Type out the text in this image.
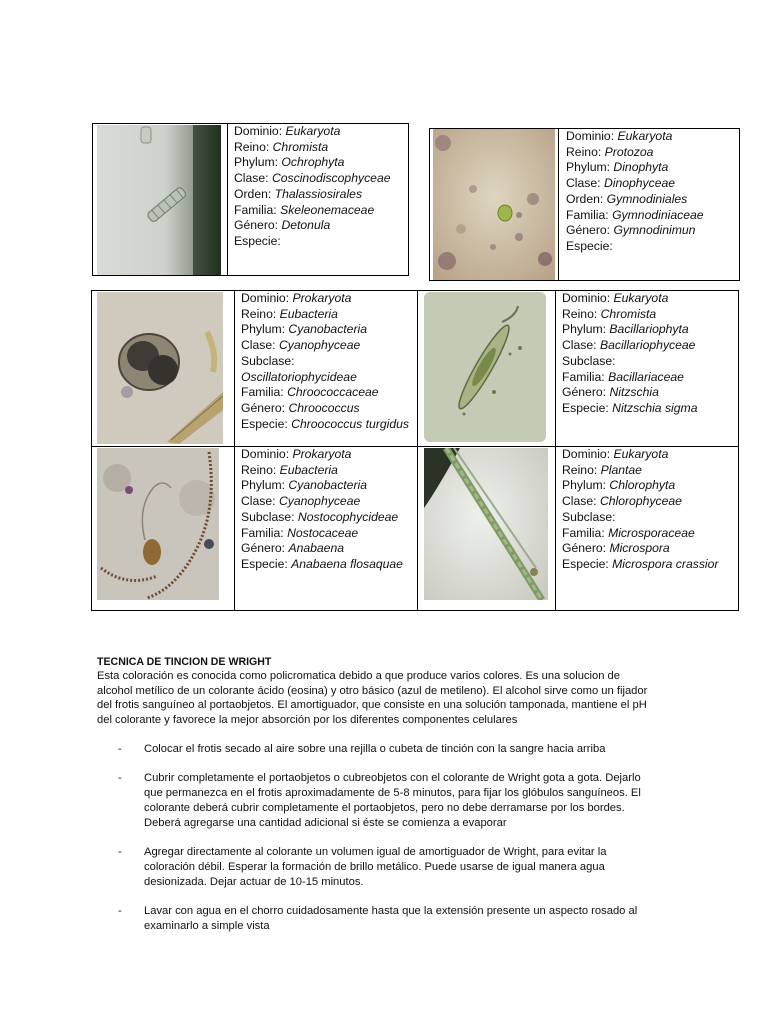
Dominio: Eukaryota
Reino: Chromista
Phylum: Ochrophyta
Clase: Coscinodiscophyceae
Orden: Thalassiosirales
Familia: Skeleonemaceae
Género: Detonula
Especie:
Dominio: Eukaryota
Reino: Protozoa
Phylum: Dinophyta
Clase: Dinophyceae
Orden: Gymnodiniales
Familia: Gymnodiniaceae
Género: Gymnodinimun
Especie:
Dominio: Prokaryota
Reino: Eubacteria
Phylum: Cyanobacteria
Clase: Cyanophyceae
Subclase:
Oscillatoriophycideae
Familia: Chroococcaceae
Género: Chroococcus
Especie: Chroococcus turgidus
Dominio: Eukaryota
Reino: Chromista
Phylum: Bacillariophyta
Clase: Bacillariophyceae
Subclase:
Familia: Bacillariaceae
Género: Nitzschia
Especie: Nitzschia sigma
Dominio: Prokaryota
Reino: Eubacteria
Phylum: Cyanobacteria
Clase: Cyanophyceae
Subclase: Nostocophycideae
Familia: Nostocaceae
Género: Anabaena
Especie: Anabaena flosaquae
Dominio: Eukaryota
Reino: Plantae
Phylum: Chlorophyta
Clase: Chlorophyceae
Subclase:
Familia: Microsporaceae
Género: Microspora
Especie: Microspora crassior
TECNICA DE TINCION DE WRIGHT
Esta coloración es conocida como policromatica debido a que produce varios colores. Es una solucion de
alcohol metílico de un colorante ácido (eosina) y otro básico (azul de metileno). El alcohol sirve como un fijador
del frotis sanguíneo al portaobjetos. El amortiguador, que consiste en una solución tamponada, mantiene el pH
del colorante y favorece la mejor absorción por los diferentes componentes celulares
- Colocar el frotis secado al aire sobre una rejilla o cubeta de tinción con la sangre hacia arriba
- Cubrir completamente el portaobjetos o cubreobjetos con el colorante de Wright gota a gota. Dejarlo
que permanezca en el frotis aproximadamente de 5-8 minutos, para fijar los glóbulos sanguíneos. El
colorante deberá cubrir completamente el portaobjetos, pero no debe derramarse por los bordes.
Deberá agregarse una cantidad adicional si éste se comienza a evaporar
- Agregar directamente al colorante un volumen igual de amortiguador de Wright, para evitar la
coloración débil. Esperar la formación de brillo metálico. Puede usarse de igual manera agua
desionizada. Dejar actuar de 10-15 minutos.
- Lavar con agua en el chorro cuidadosamente hasta que la extensión presente un aspecto rosado al
examinarlo a simple vista
